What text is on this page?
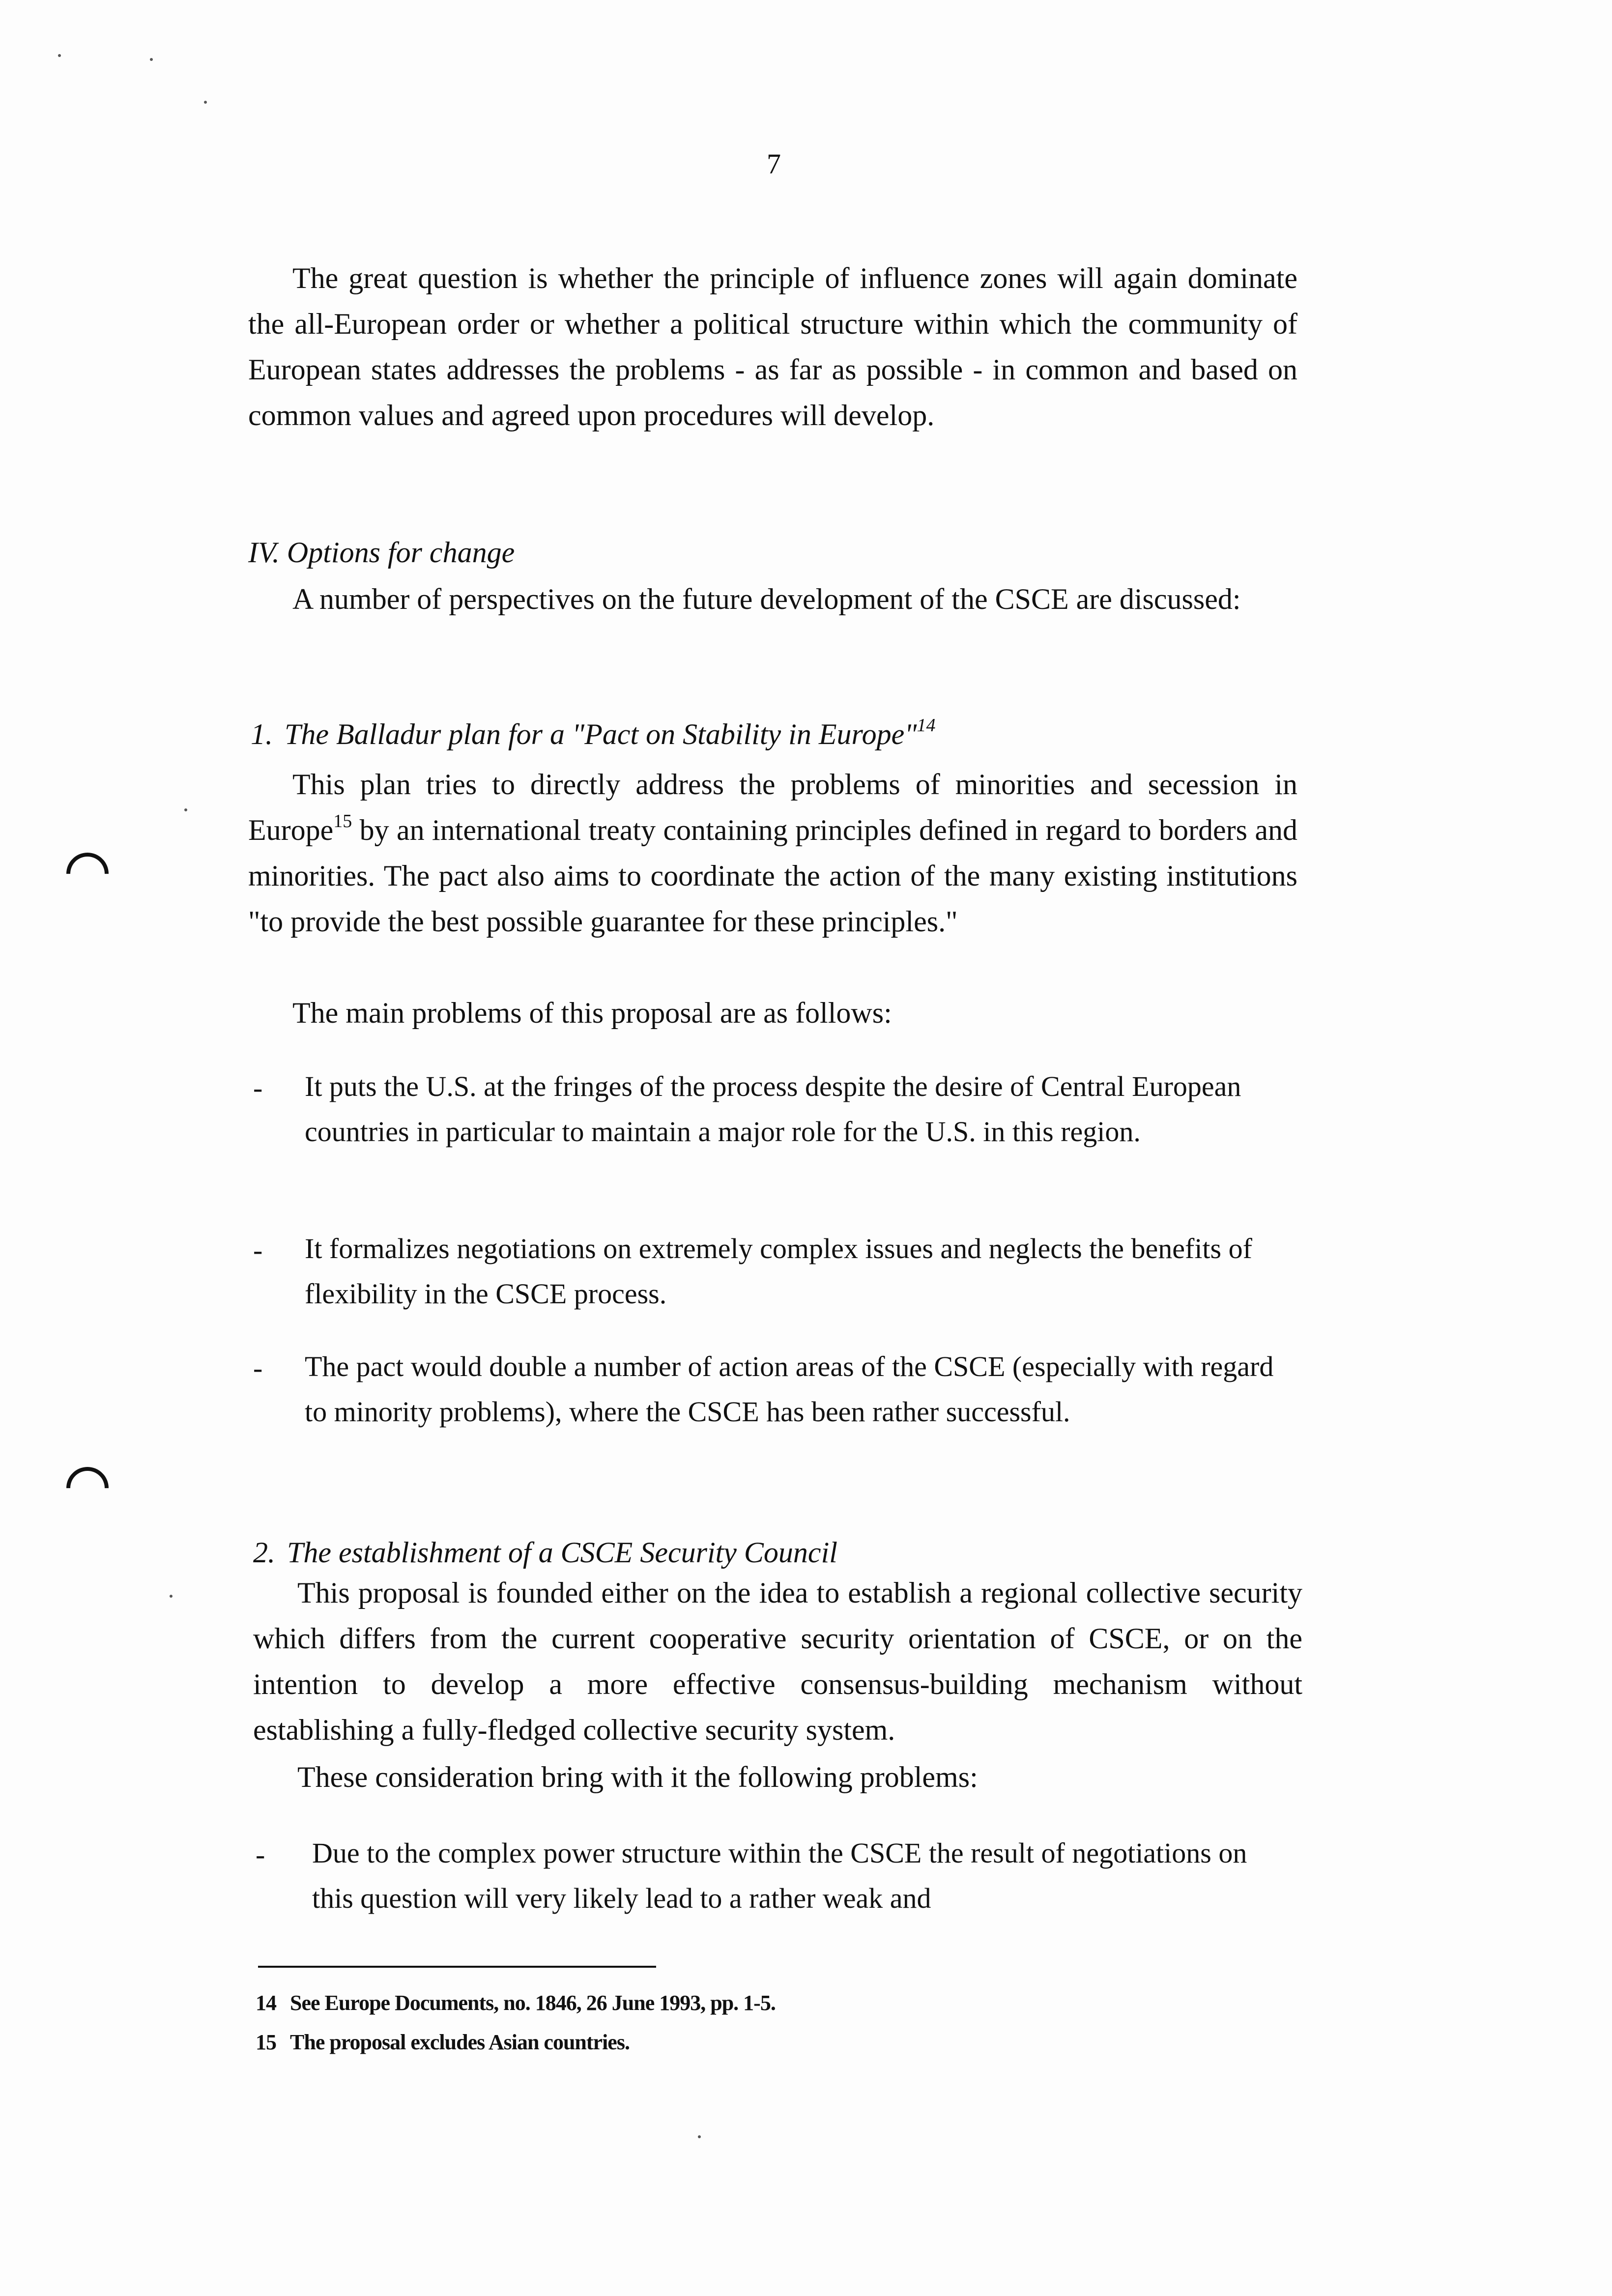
7

The great question is whether the principle of influence zones will again dominate the all-European order or whether a political structure within which the community of European states addresses the problems - as far as possible - in common and based on common values and agreed upon procedures will develop.

IV. Options for change

A number of perspectives on the future development of the CSCE are discussed:

1. The Balladur plan for a "Pact on Stability in Europe"$^{14}$

This plan tries to directly address the problems of minorities and secession in Europe$^{15}$ by an international treaty containing principles defined in regard to borders and minorities. The pact also aims to coordinate the action of the many existing institutions "to provide the best possible guarantee for these principles."

The main problems of this proposal are as follows:

- It puts the U.S. at the fringes of the process despite the desire of Central European countries in particular to maintain a major role for the U.S. in this region.

- It formalizes negotiations on extremely complex issues and neglects the benefits of flexibility in the CSCE process.

- The pact would double a number of action areas of the CSCE (especially with regard to minority problems), where the CSCE has been rather successful.

2. The establishment of a CSCE Security Council

This proposal is founded either on the idea to establish a regional collective security which differs from the current cooperative security orientation of CSCE, or on the intention to develop a more effective consensus-building mechanism without establishing a fully-fledged collective security system.

These consideration bring with it the following problems:

- Due to the complex power structure within the CSCE the result of negotiations on this question will very likely lead to a rather weak and

14 See Europe Documents, no. 1846, 26 June 1993, pp. 1-5.
15 The proposal excludes Asian countries.
